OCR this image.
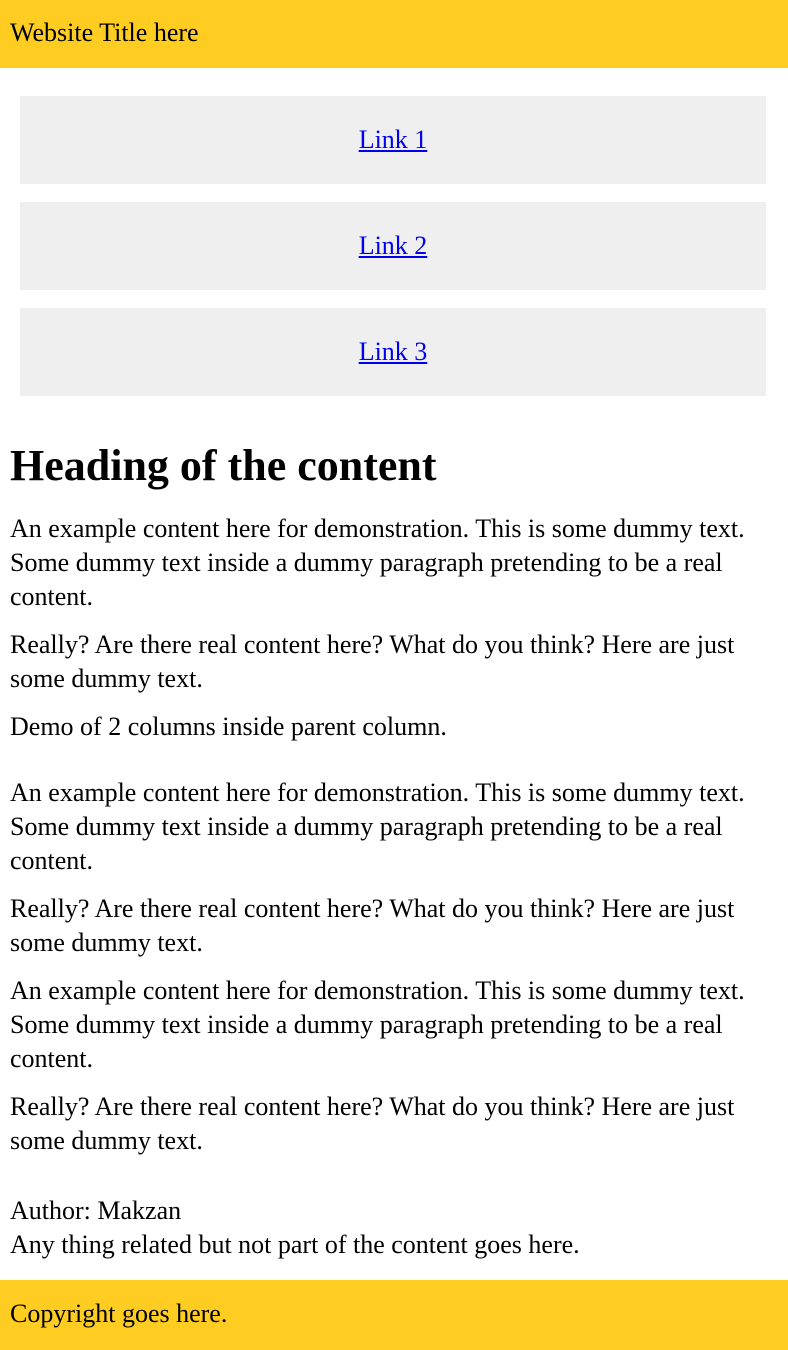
Website Title here
Link 1
Link 2
Link 3
Heading of the content

An example content here for demonstration. This is some dummy text. Some dummy text inside a dummy paragraph pretending to be a real content.

Really? Are there real content here? What do you think? Here are just some dummy text.

Demo of 2 columns inside parent column.

An example content here for demonstration. This is some dummy text. Some dummy text inside a dummy paragraph pretending to be a real content.

Really? Are there real content here? What do you think? Here are just some dummy text.

An example content here for demonstration. This is some dummy text. Some dummy text inside a dummy paragraph pretending to be a real content.

Really? Are there real content here? What do you think? Here are just some dummy text.

Author: Makzan
Any thing related but not part of the content goes here.
Copyright goes here.
